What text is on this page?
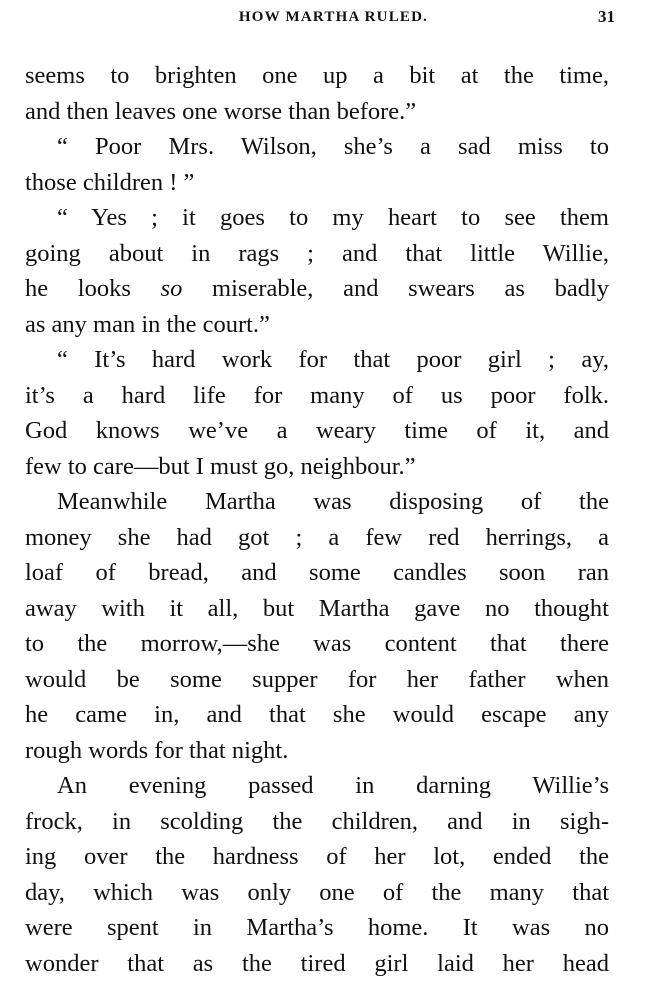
HOW MARTHA RULED.	31
seems to brighten one up a bit at the time,
and then leaves one worse than before.”
“ Poor Mrs. Wilson, she’s a sad miss to
those children ! ”
“ Yes ; it goes to my heart to see them
going about in rags ; and that little Willie,
he looks so miserable, and swears as badly
as any man in the court.”
“ It’s hard work for that poor girl ; ay,
it’s a hard life for many of us poor folk.
God knows we’ve a weary time of it, and
few to care—but I must go, neighbour.”
Meanwhile Martha was disposing of the
money she had got ; a few red herrings, a
loaf of bread, and some candles soon ran
away with it all, but Martha gave no thought
to the morrow,—she was content that there
would be some supper for her father when
he came in, and that she would escape any
rough words for that night.
An evening passed in darning Willie’s
frock, in scolding the children, and in sigh-
ing over the hardness of her lot, ended the
day, which was only one of the many that
were spent in Martha’s home. It was no
wonder that as the tired girl laid her head
